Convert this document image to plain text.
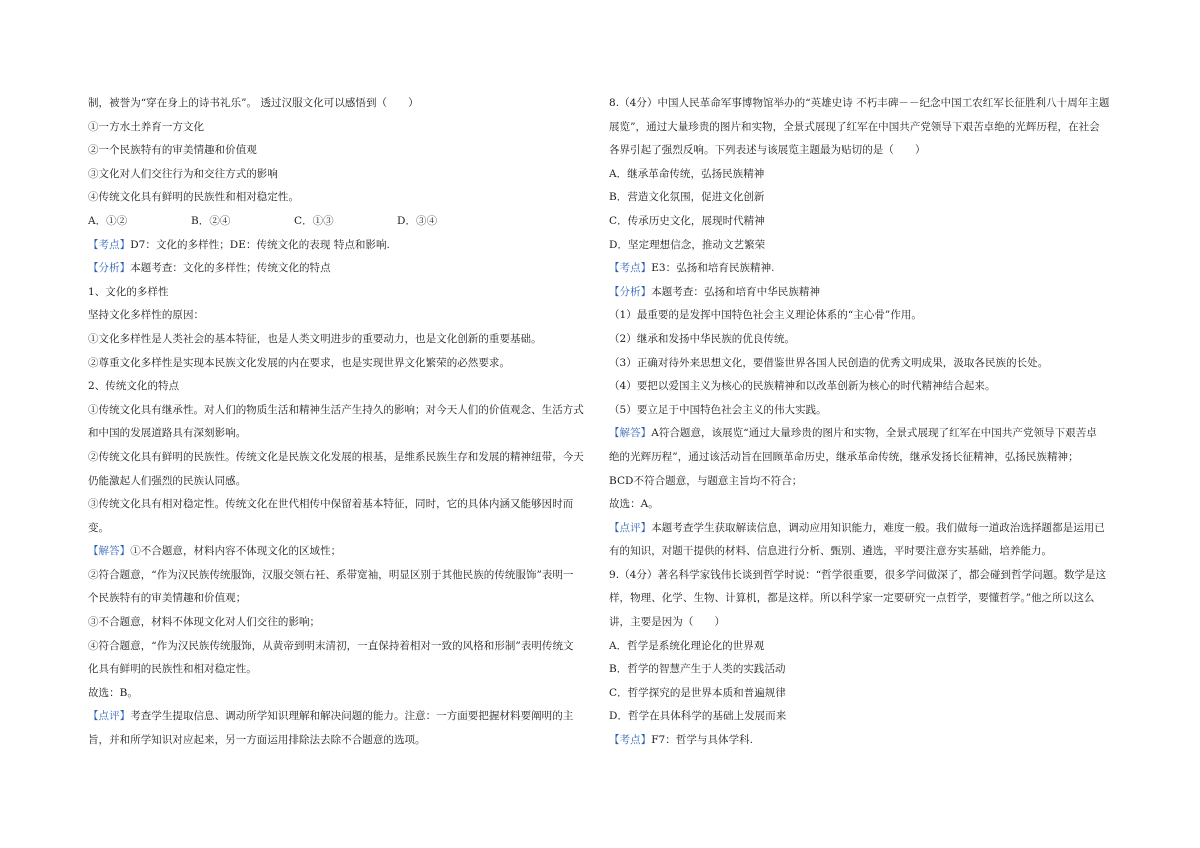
制，被誉为“穿在身上的诗书礼乐”。 透过汉服文化可以感悟到（　　）
①一方水土养育一方文化
②一个民族特有的审美情趣和价值观
③文化对人们交往行为和交往方式的影响
④传统文化具有鲜明的民族性和相对稳定性。
A．①②	B．②④	C．①③	D．③④
【考点】D7：文化的多样性；DE：传统文化的表现 特点和影响.
【分析】本题考查：文化的多样性；传统文化的特点
1、文化的多样性
坚持文化多样性的原因：
①文化多样性是人类社会的基本特征，也是人类文明进步的重要动力，也是文化创新的重要基础。
②尊重文化多样性是实现本民族文化发展的内在要求，也是实现世界文化繁荣的必然要求。
2、传统文化的特点
①传统文化具有继承性。对人们的物质生活和精神生活产生持久的影响；对今天人们的价值观念、生活方式
和中国的发展道路具有深刻影响。
②传统文化具有鲜明的民族性。传统文化是民族文化发展的根基，是维系民族生存和发展的精神纽带，今天
仍能激起人们强烈的民族认同感。
③传统文化具有相对稳定性。传统文化在世代相传中保留着基本特征，同时，它的具体内涵又能够因时而
变。
【解答】①不合题意，材料内容不体现文化的区域性；
②符合题意，“作为汉民族传统服饰，汉服交领右衽、系带宽袖，明显区别于其他民族的传统服饰”表明一
个民族特有的审美情趣和价值观；
③不合题意，材料不体现文化对人们交往的影响；
④符合题意，“作为汉民族传统服饰，从黄帝到明末清初，一直保持着相对一致的风格和形制”表明传统文
化具有鲜明的民族性和相对稳定性。
故选：B。
【点评】考查学生提取信息、调动所学知识理解和解决问题的能力。注意：一方面要把握材料要阐明的主
旨，并和所学知识对应起来，另一方面运用排除法去除不合题意的选项。
8.（4分）中国人民革命军事博物馆举办的“英雄史诗 不朽丰碑－－纪念中国工农红军长征胜利八十周年主题
展览”，通过大量珍贵的图片和实物，全景式展现了红军在中国共产党领导下艰苦卓绝的光辉历程，在社会
各界引起了强烈反响。下列表述与该展览主题最为贴切的是（　　）
A．继承革命传统，弘扬民族精神
B．营造文化氛围，促进文化创新
C．传承历史文化，展现时代精神
D．坚定理想信念，推动文艺繁荣
【考点】E3：弘扬和培育民族精神.
【分析】本题考查：弘扬和培育中华民族精神
（1）最重要的是发挥中国特色社会主义理论体系的“主心骨”作用。
（2）继承和发扬中华民族的优良传统。
（3）正确对待外来思想文化，要借鉴世界各国人民创造的优秀文明成果，汲取各民族的长处。
（4）要把以爱国主义为核心的民族精神和以改革创新为核心的时代精神结合起来。
（5）要立足于中国特色社会主义的伟大实践。
【解答】A符合题意，该展览“通过大量珍贵的图片和实物，全景式展现了红军在中国共产党领导下艰苦卓
绝的光辉历程”，通过该活动旨在回顾革命历史，继承革命传统，继承发扬长征精神，弘扬民族精神；
BCD不符合题意，与题意主旨均不符合；
故选：A。
【点评】本题考查学生获取解读信息，调动应用知识能力，难度一般。我们做每一道政治选择题都是运用已
有的知识，对题干提供的材料、信息进行分析、甄别、遴选，平时要注意夯实基础，培养能力。
9.（4分）著名科学家钱伟长谈到哲学时说：“哲学很重要，很多学问做深了，都会碰到哲学问题。数学是这
样，物理、化学、生物、计算机，都是这样。所以科学家一定要研究一点哲学，要懂哲学。”他之所以这么
讲，主要是因为（　　）
A．哲学是系统化理论化的世界观
B．哲学的智慧产生于人类的实践活动
C．哲学探究的是世界本质和普遍规律
D．哲学在具体科学的基础上发展而来
【考点】F7：哲学与具体学科.
